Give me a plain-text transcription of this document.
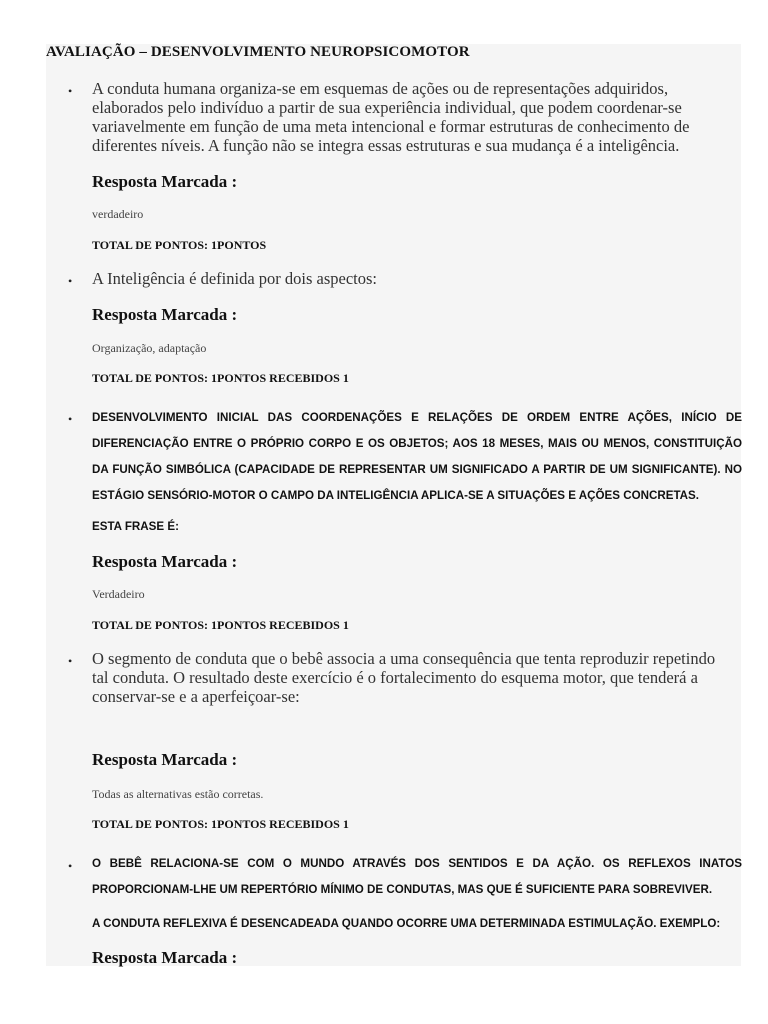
AVALIAÇÃO – DESENVOLVIMENTO NEUROPSICOMOTOR
• A conduta humana organiza-se em esquemas de ações ou de representações adquiridos, elaborados pelo indivíduo a partir de sua experiência individual, que podem coordenar-se variavelmente em função de uma meta intencional e formar estruturas de conhecimento de diferentes níveis. A função não se integra essas estruturas e sua mudança é a inteligência.
Resposta Marcada :
verdadeiro
TOTAL DE PONTOS: 1PONTOS
• A Inteligência é definida por dois aspectos:
Resposta Marcada :
Organização, adaptação
TOTAL DE PONTOS: 1PONTOS RECEBIDOS 1
• DESENVOLVIMENTO INICIAL DAS COORDENAÇÕES E RELAÇÕES DE ORDEM ENTRE AÇÕES, INÍCIO DE DIFERENCIAÇÃO ENTRE O PRÓPRIO CORPO E OS OBJETOS; AOS 18 MESES, MAIS OU MENOS, CONSTITUIÇÃO DA FUNÇÃO SIMBÓLICA (CAPACIDADE DE REPRESENTAR UM SIGNIFICADO A PARTIR DE UM SIGNIFICANTE). NO ESTÁGIO SENSÓRIO-MOTOR O CAMPO DA INTELIGÊNCIA APLICA-SE A SITUAÇÕES E AÇÕES CONCRETAS.
ESTA FRASE É:
Resposta Marcada :
Verdadeiro
TOTAL DE PONTOS: 1PONTOS RECEBIDOS 1
• O segmento de conduta que o bebê associa a uma consequência que tenta reproduzir repetindo tal conduta. O resultado deste exercício é o fortalecimento do esquema motor, que tenderá a conservar-se e a aperfeiçoar-se:
Resposta Marcada :
Todas as alternativas estão corretas.
TOTAL DE PONTOS: 1PONTOS RECEBIDOS 1
• O BEBÊ RELACIONA-SE COM O MUNDO ATRAVÉS DOS SENTIDOS E DA AÇÃO. OS REFLEXOS INATOS PROPORCIONAM-LHE UM REPERTÓRIO MÍNIMO DE CONDUTAS, MAS QUE É SUFICIENTE PARA SOBREVIVER.
A CONDUTA REFLEXIVA É DESENCADEADA QUANDO OCORRE UMA DETERMINADA ESTIMULAÇÃO. EXEMPLO:
Resposta Marcada :
